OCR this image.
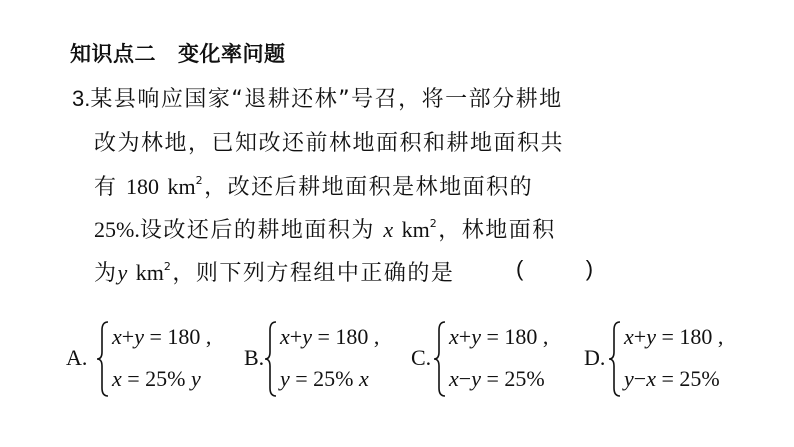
知识点二 变化率问题
3.某县响应国家“退耕还林”号召，将一部分耕地
改为林地，已知改还前林地面积和耕地面积共
有 180 $km^2$，改还后耕地面积是林地面积的
25%.设改还后的耕地面积为 x $km^2$，林地面积
为y $km^2$，则下列方程组中正确的是	(        )
A.
x+y = 180 ,
x = 25% y
B.
x+y = 180 ,
y = 25% x
C.
x+y = 180 ,
x−y = 25%
D.
x+y = 180 ,
y−x = 25%
